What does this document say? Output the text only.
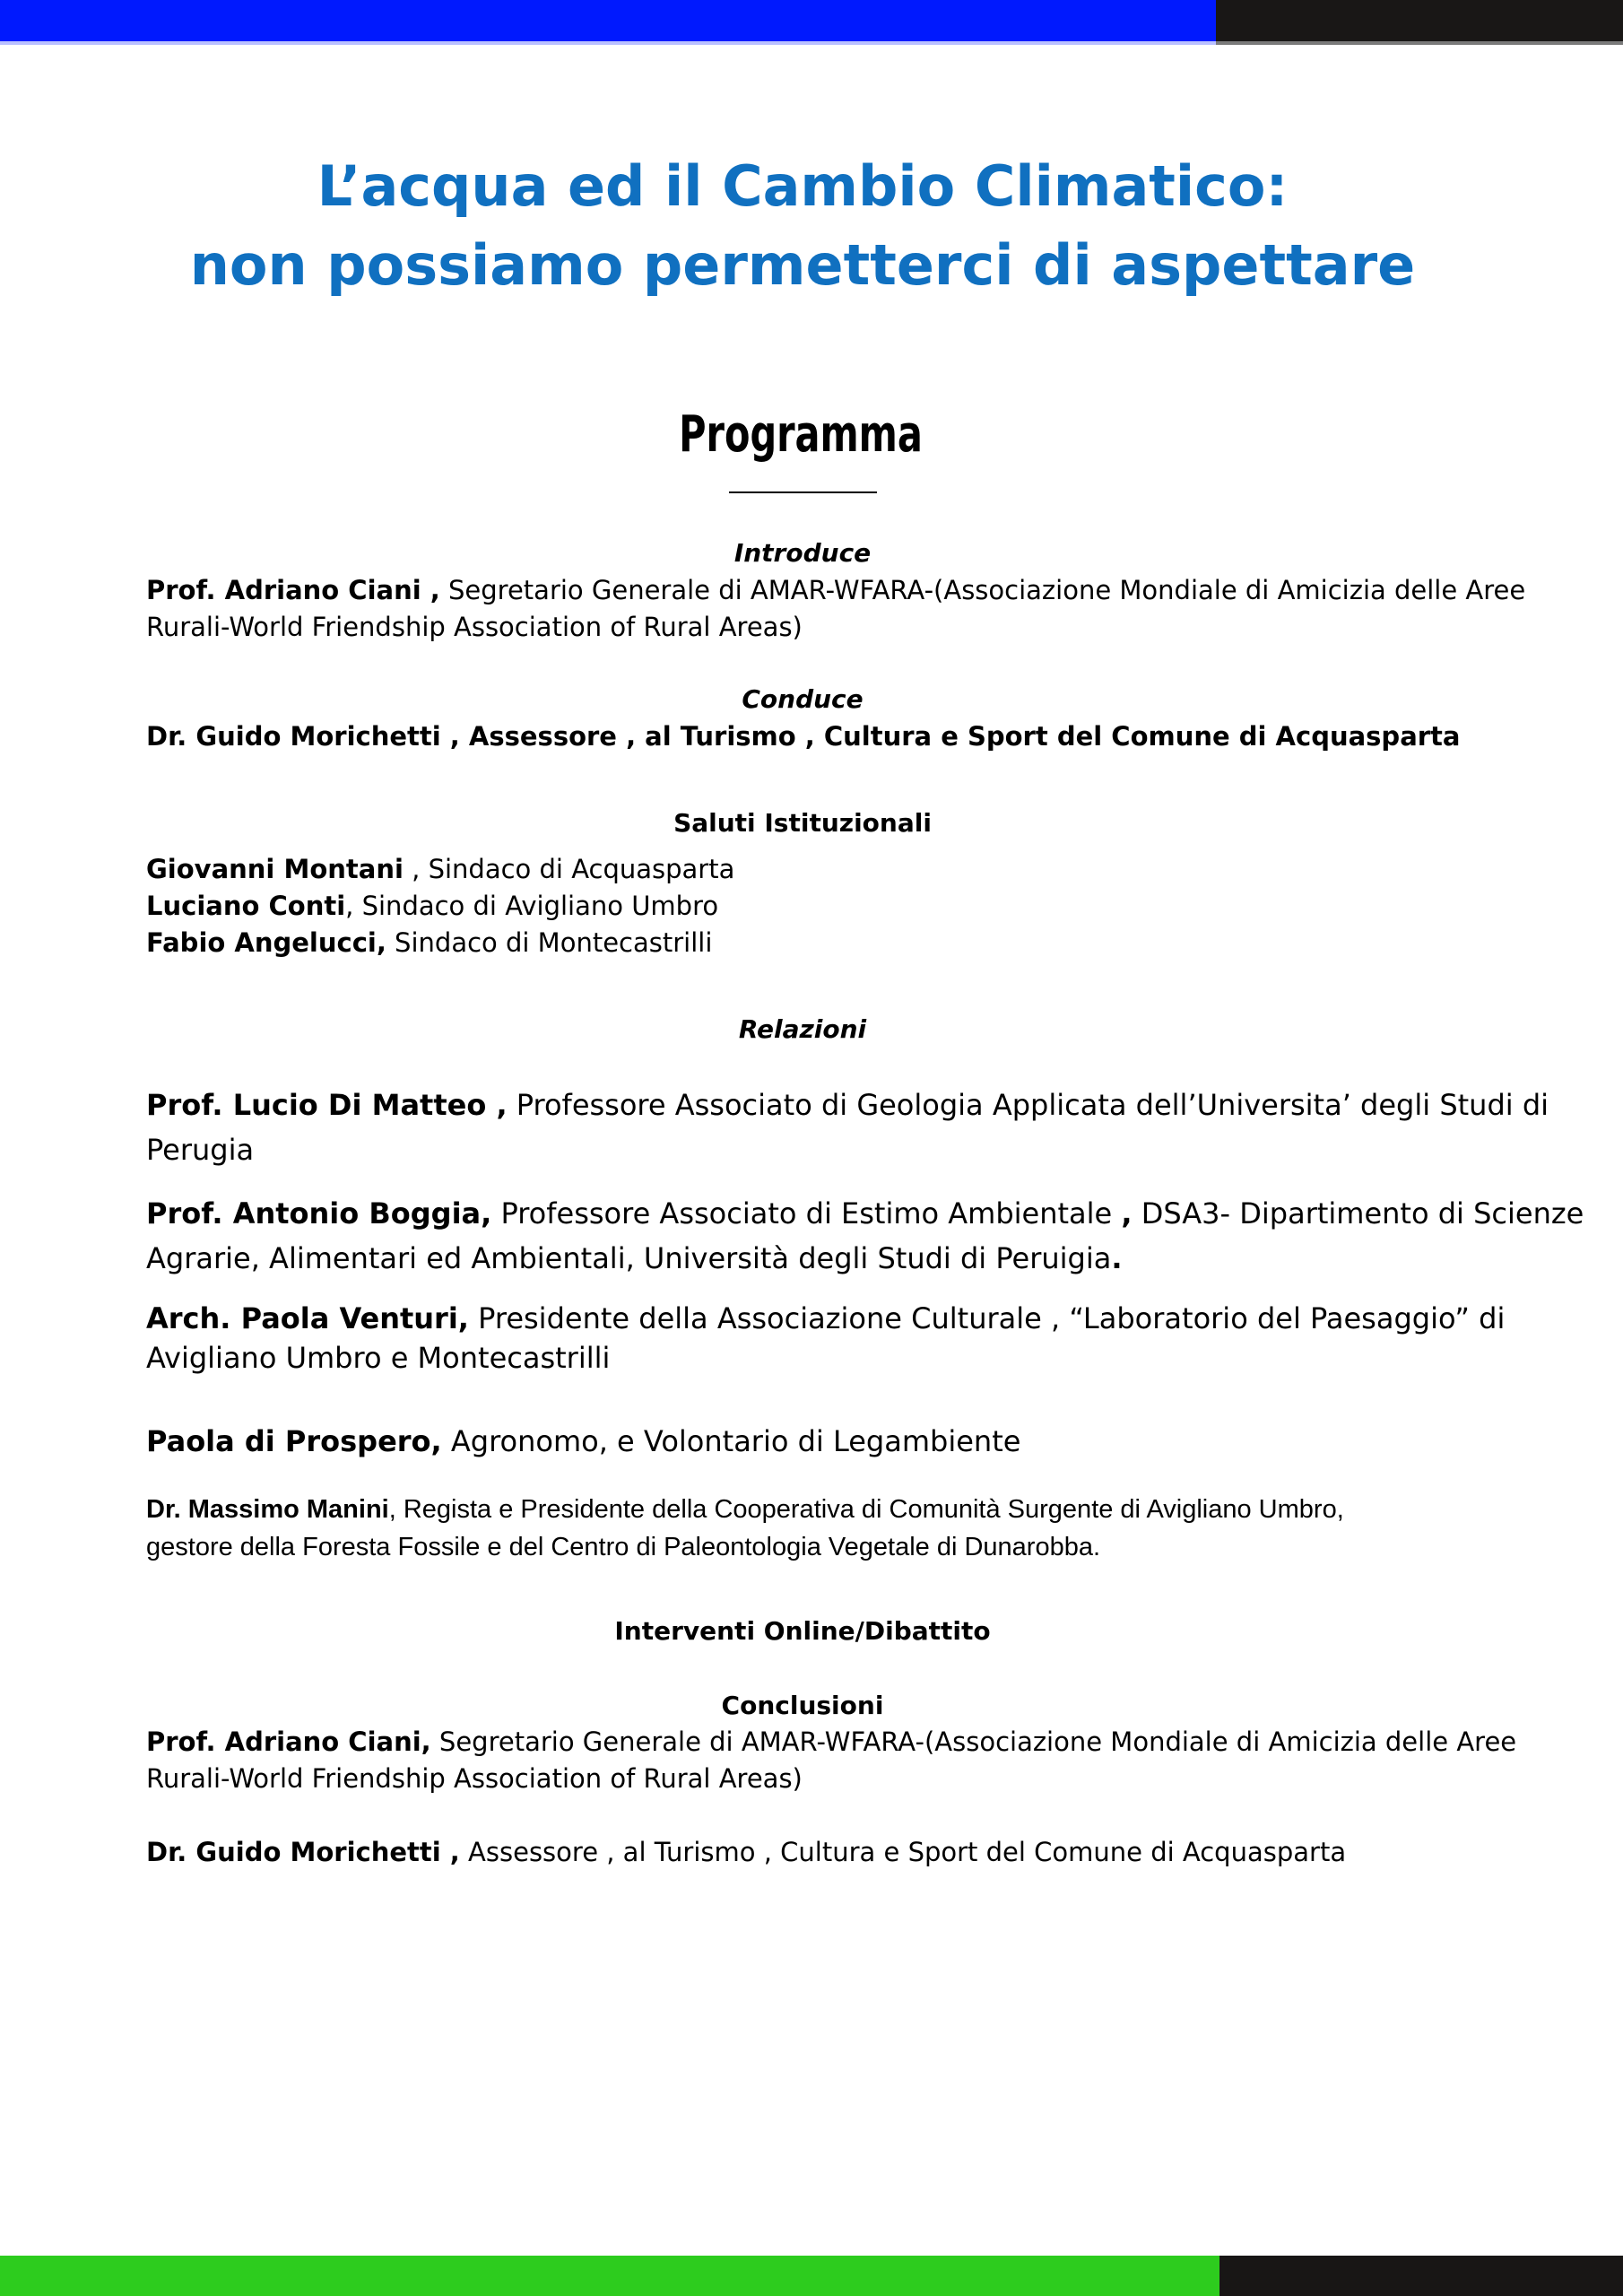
L’acqua ed il Cambio Climatico:
non possiamo permetterci di aspettare
Programma
Introduce
Prof. Adriano Ciani , Segretario Generale di AMAR-WFARA-(Associazione Mondiale di Amicizia delle Aree
Rurali-World Friendship Association of Rural Areas)
Conduce
Dr. Guido Morichetti , Assessore , al Turismo , Cultura e Sport del Comune di Acquasparta
Saluti Istituzionali
Giovanni Montani , Sindaco di Acquasparta
Luciano Conti, Sindaco di Avigliano Umbro
Fabio Angelucci, Sindaco di Montecastrilli
Relazioni
Prof. Lucio Di Matteo , Professore Associato di Geologia Applicata dell’Universita’ degli Studi di
Perugia
Prof. Antonio Boggia, Professore Associato di Estimo Ambientale , DSA3- Dipartimento di Scienze
Agrarie, Alimentari ed Ambientali, Università degli Studi di Peruigia.
Arch. Paola Venturi, Presidente della Associazione Culturale , “Laboratorio del Paesaggio” di
Avigliano Umbro e Montecastrilli
Paola di Prospero, Agronomo, e Volontario di Legambiente
Dr. Massimo Manini, Regista e Presidente della Cooperativa di Comunità Surgente di Avigliano Umbro,
gestore della Foresta Fossile e del Centro di Paleontologia Vegetale di Dunarobba.
Interventi Online/Dibattito
Conclusioni
Prof. Adriano Ciani, Segretario Generale di AMAR-WFARA-(Associazione Mondiale di Amicizia delle Aree
Rurali-World Friendship Association of Rural Areas)
Dr. Guido Morichetti , Assessore , al Turismo , Cultura e Sport del Comune di Acquasparta
